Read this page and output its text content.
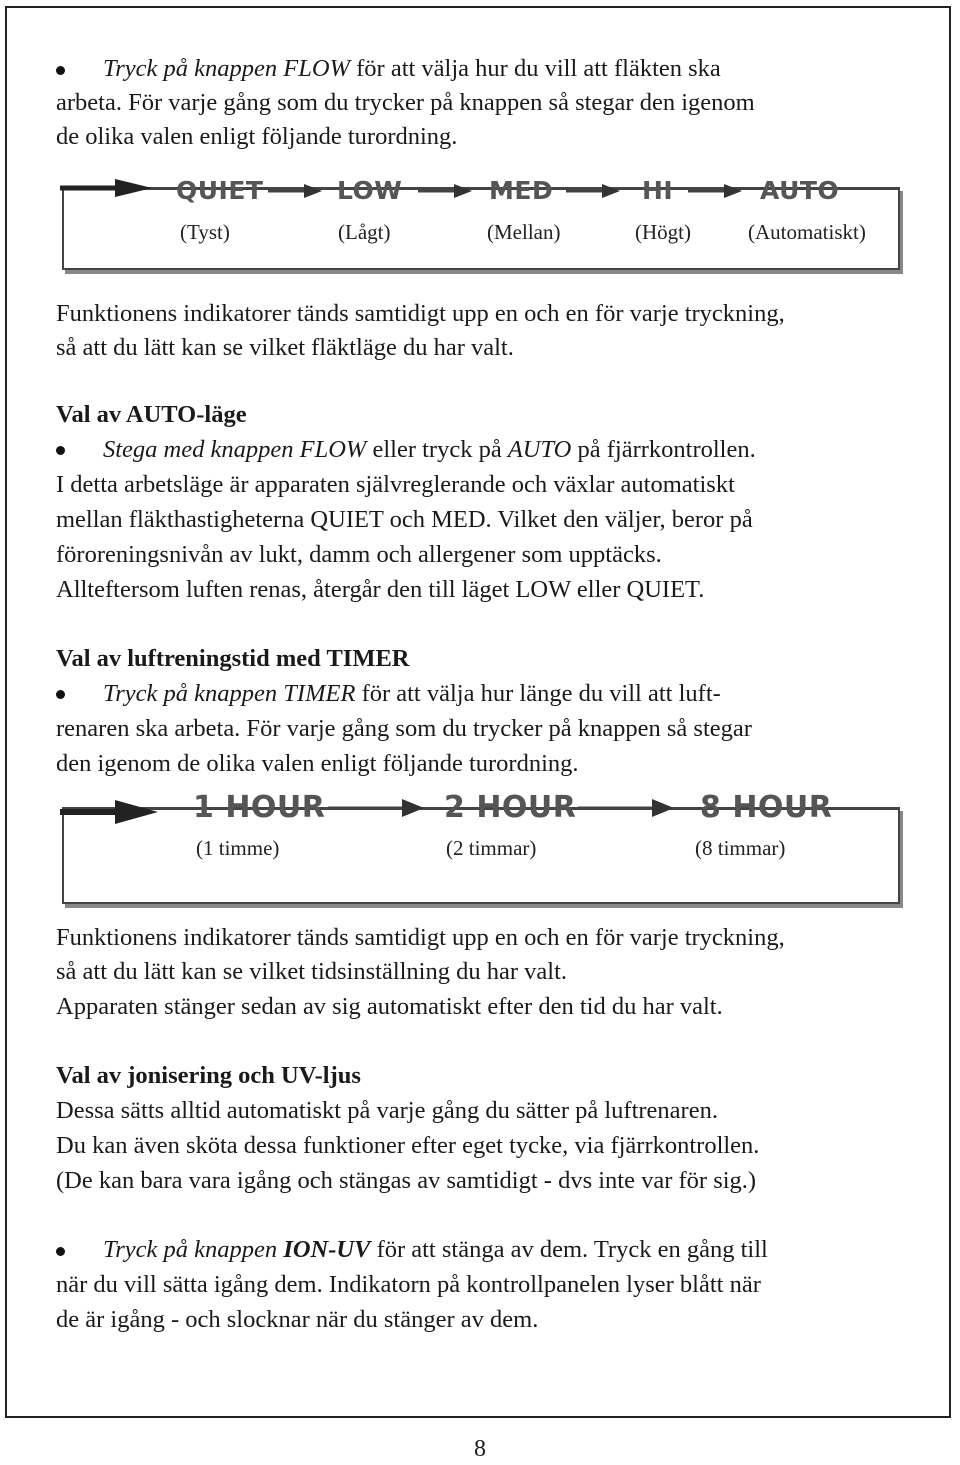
Tryck på knappen FLOW för att välja hur du vill att fläkten ska
arbeta. För varje gång som du trycker på knappen så stegar den igenom
de olika valen enligt följande turordning.
QUIET	LOW	MED	HI	AUTO
(Tyst)	(Lågt)	(Mellan)	(Högt)	(Automatiskt)
Funktionens indikatorer tänds samtidigt upp en och en för varje tryckning,
så att du lätt kan se vilket fläktläge du har valt.
Val av AUTO-läge
Stega med knappen FLOW eller tryck på AUTO på fjärrkontrollen.
I detta arbetsläge är apparaten självreglerande och växlar automatiskt
mellan fläkthastigheterna QUIET och MED. Vilket den väljer, beror på
föroreningsnivån av lukt, damm och allergener som upptäcks.
Allteftersom luften renas, återgår den till läget LOW eller QUIET.
Val av luftreningstid med TIMER
Tryck på knappen TIMER för att välja hur länge du vill att luft-
renaren ska arbeta. För varje gång som du trycker på knappen så stegar
den igenom de olika valen enligt följande turordning.
1 HOUR	2 HOUR	8 HOUR
(1 timme)	(2 timmar)	(8 timmar)
Funktionens indikatorer tänds samtidigt upp en och en för varje tryckning,
så att du lätt kan se vilket tidsinställning du har valt.
Apparaten stänger sedan av sig automatiskt efter den tid du har valt.
Val av jonisering och UV-ljus
Dessa sätts alltid automatiskt på varje gång du sätter på luftrenaren.
Du kan även sköta dessa funktioner efter eget tycke, via fjärrkontrollen.
(De kan bara vara igång och stängas av samtidigt - dvs inte var för sig.)
Tryck på knappen ION-UV för att stänga av dem. Tryck en gång till
när du vill sätta igång dem. Indikatorn på kontrollpanelen lyser blått när
de är igång - och slocknar när du stänger av dem.
8
